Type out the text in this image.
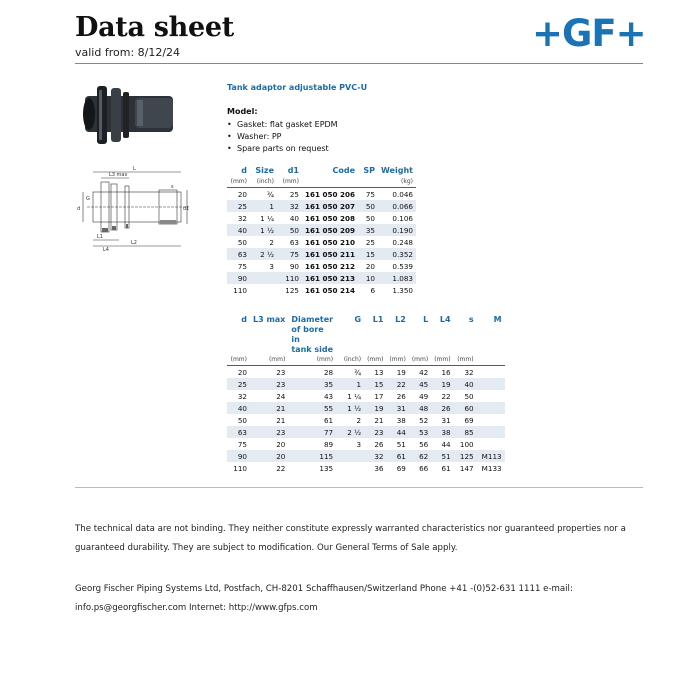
Data sheet
valid from: 8/12/24	+GF+
L
L3 max
L1
L2
L4
d	d1
G
s
Tank adaptor adjustable PVC-U
Model:
• Gasket: flat gasket EPDM
• Washer: PP
• Spare parts on request
d	Size	d1	Code	SP	Weight
(mm)	(inch)	(mm)			(kg)
20	¾	25	161 050 206	75	0.046
25	1	32	161 050 207	50	0.066
32	1 ¼	40	161 050 208	50	0.106
40	1 ½	50	161 050 209	35	0.190
50	2	63	161 050 210	25	0.248
63	2 ½	75	161 050 211	15	0.352
75	3	90	161 050 212	20	0.539
90		110	161 050 213	10	1.083
110		125	161 050 214	6	1.350
d	L3 max	Diameter
of bore in
tank side	G	L1	L2	L	L4	s	M
(mm)	(mm)	(mm)	(inch)	(mm)	(mm)	(mm)	(mm)	(mm)	
20	23	28	¾	13	19	42	16	32	
25	23	35	1	15	22	45	19	40	
32	24	43	1 ¼	17	26	49	22	50	
40	21	55	1 ½	19	31	48	26	60	
50	21	61	2	21	38	52	31	69	
63	23	77	2 ½	23	44	53	38	85	
75	20	89	3	26	51	56	44	100	
90	20	115		32	61	62	51	125	M113
110	22	135		36	69	66	61	147	M133
The technical data are not binding. They neither constitute expressly warranted characteristics nor guaranteed properties nor a guaranteed durability. They are subject to modification. Our General Terms of Sale apply.
Georg Fischer Piping Systems Ltd, Postfach, CH-8201 Schaffhausen/Switzerland Phone +41 -(0)52-631 1111 e-mail: info.ps@georgfischer.com Internet: http://www.gfps.com
